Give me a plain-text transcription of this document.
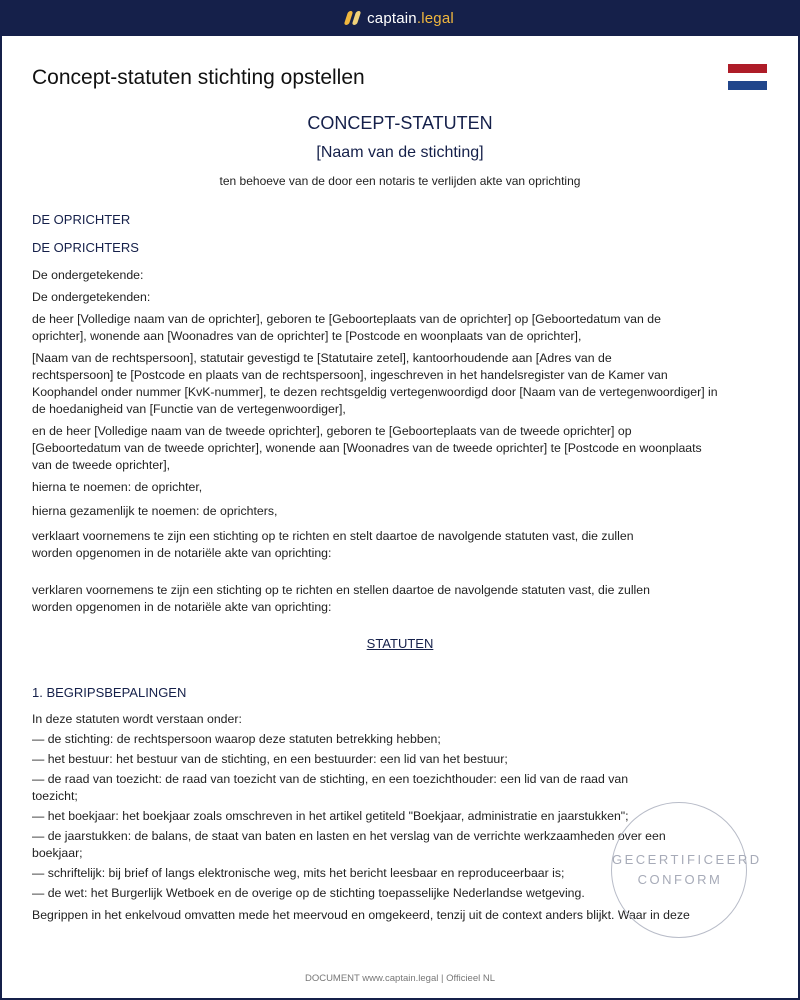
captain.legal
Concept-statuten stichting opstellen
CONCEPT-STATUTEN
[Naam van de stichting]
ten behoeve van de door een notaris te verlijden akte van oprichting
DE OPRICHTER
DE OPRICHTERS
De ondergetekende:
De ondergetekenden:
de heer [Volledige naam van de oprichter], geboren te [Geboorteplaats van de oprichter] op [Geboortedatum van de
oprichter], wonende aan [Woonadres van de oprichter] te [Postcode en woonplaats van de oprichter],
[Naam van de rechtspersoon], statutair gevestigd te [Statutaire zetel], kantoorhoudende aan [Adres van de
rechtspersoon] te [Postcode en plaats van de rechtspersoon], ingeschreven in het handelsregister van de Kamer van
Koophandel onder nummer [KvK-nummer], te dezen rechtsgeldig vertegenwoordigd door [Naam van de vertegenwoordiger] in
de hoedanigheid van [Functie van de vertegenwoordiger],
en de heer [Volledige naam van de tweede oprichter], geboren te [Geboorteplaats van de tweede oprichter] op
[Geboortedatum van de tweede oprichter], wonende aan [Woonadres van de tweede oprichter] te [Postcode en woonplaats
van de tweede oprichter],
hierna te noemen: de oprichter,
hierna gezamenlijk te noemen: de oprichters,
verklaart voornemens te zijn een stichting op te richten en stelt daartoe de navolgende statuten vast, die zullen
worden opgenomen in de notariële akte van oprichting:
verklaren voornemens te zijn een stichting op te richten en stellen daartoe de navolgende statuten vast, die zullen
worden opgenomen in de notariële akte van oprichting:
STATUTEN
1. BEGRIPSBEPALINGEN
In deze statuten wordt verstaan onder:
— de stichting: de rechtspersoon waarop deze statuten betrekking hebben;
— het bestuur: het bestuur van de stichting, en een bestuurder: een lid van het bestuur;
— de raad van toezicht: de raad van toezicht van de stichting, en een toezichthouder: een lid van de raad van
toezicht;
— het boekjaar: het boekjaar zoals omschreven in het artikel getiteld "Boekjaar, administratie en jaarstukken";
— de jaarstukken: de balans, de staat van baten en lasten en het verslag van de verrichte werkzaamheden over een
boekjaar;
— schriftelijk: bij brief of langs elektronische weg, mits het bericht leesbaar en reproduceerbaar is;
— de wet: het Burgerlijk Wetboek en de overige op de stichting toepasselijke Nederlandse wetgeving.
Begrippen in het enkelvoud omvatten mede het meervoud en omgekeerd, tenzij uit de context anders blijkt. Waar in deze
GECERTIFICEERD
CONFORM
DOCUMENT www.captain.legal | Officieel NL
